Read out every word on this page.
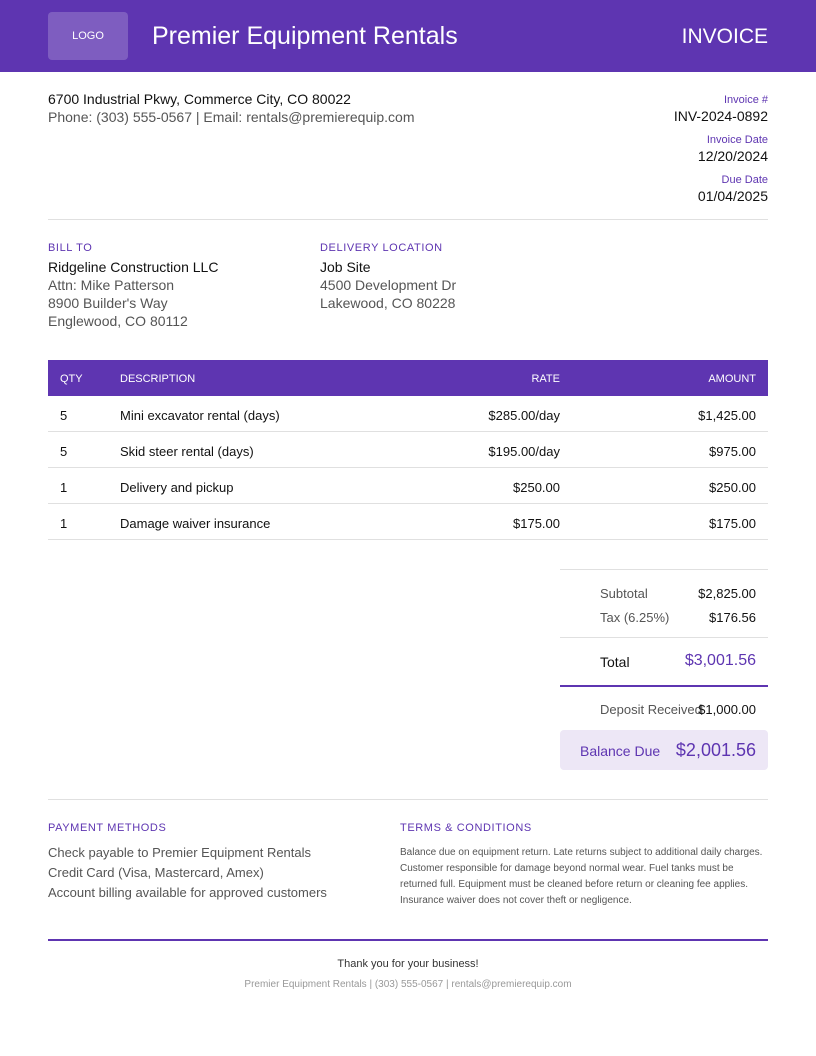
LOGO	Premier Equipment Rentals	INVOICE
6700 Industrial Pkwy, Commerce City, CO 80022
Phone: (303) 555-0567 | Email: rentals@premierequip.com
Invoice #
INV-2024-0892
Invoice Date
12/20/2024
Due Date
01/04/2025
BILL TO
Ridgeline Construction LLC
Attn: Mike Patterson
8900 Builder's Way
Englewood, CO 80112
DELIVERY LOCATION
Job Site
4500 Development Dr
Lakewood, CO 80228
QTY	DESCRIPTION	RATE	AMOUNT
5	Mini excavator rental (days)	$285.00/day	$1,425.00
5	Skid steer rental (days)	$195.00/day	$975.00
1	Delivery and pickup	$250.00	$250.00
1	Damage waiver insurance	$175.00	$175.00
Subtotal	$2,825.00
Tax (6.25%)	$176.56
Total	$3,001.56
Deposit Received
$1,000.00
Balance Due $2,001.56
PAYMENT METHODS
Check payable to Premier Equipment Rentals
Credit Card (Visa, Mastercard, Amex)
Account billing available for approved customers
TERMS & CONDITIONS
Balance due on equipment return. Late returns subject to additional daily charges. Customer responsible for damage beyond normal wear. Fuel tanks must be returned full. Equipment must be cleaned before return or cleaning fee applies. Insurance waiver does not cover theft or negligence.
Thank you for your business!
Premier Equipment Rentals | (303) 555-0567 | rentals@premierequip.com
